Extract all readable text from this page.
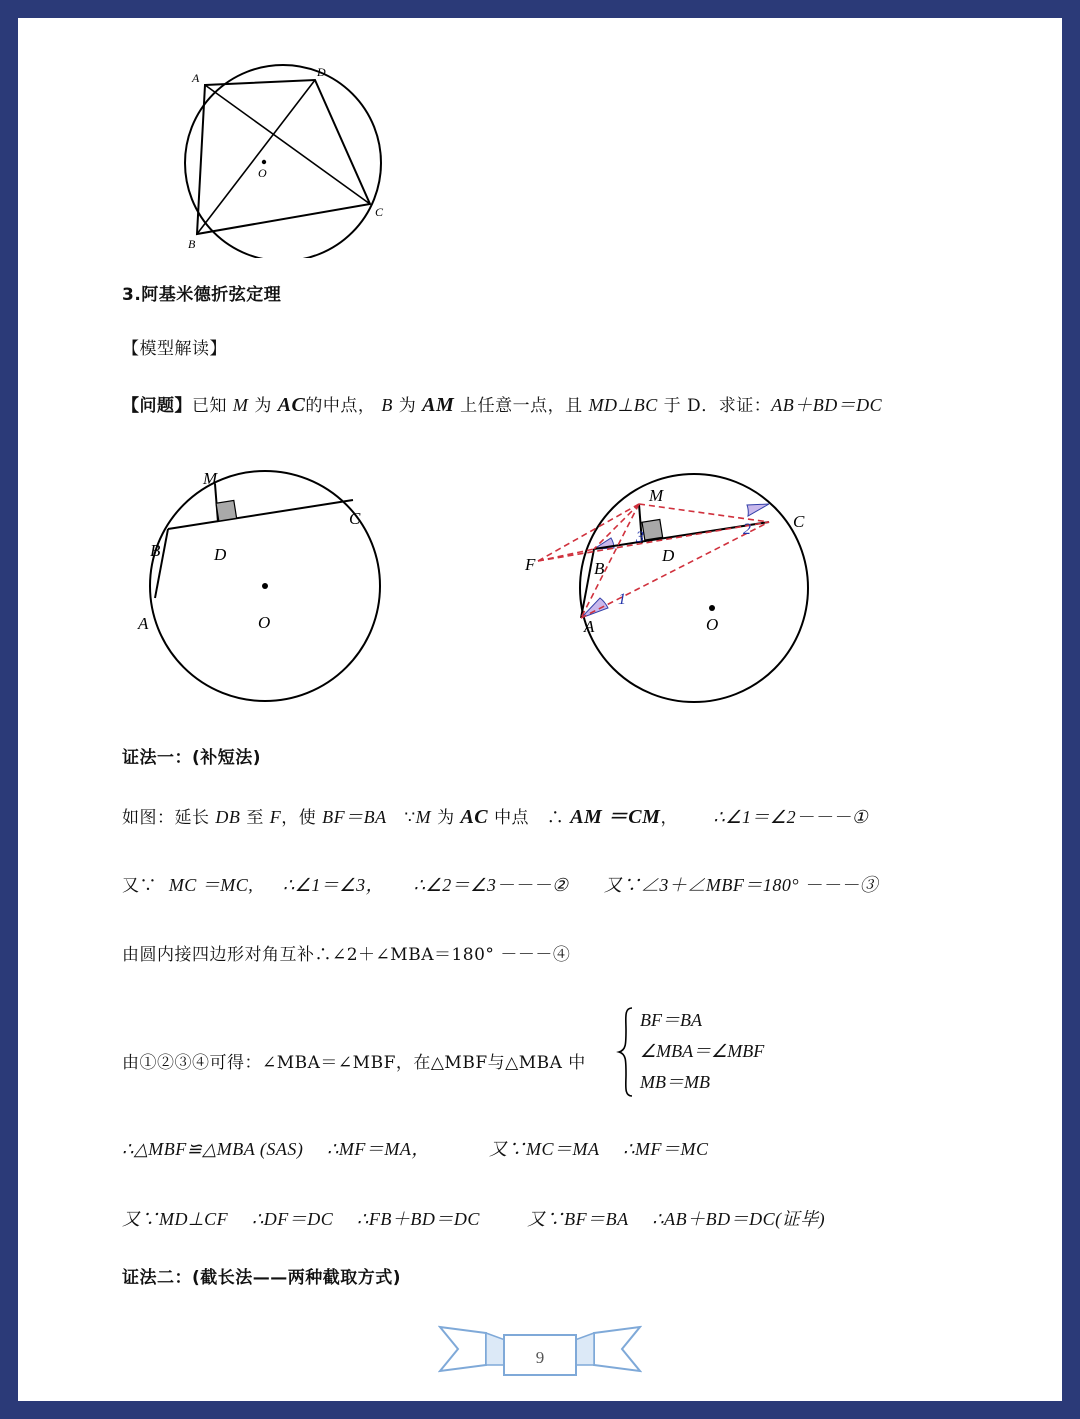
A	D
O
C
B
3.阿基米德折弦定理
【模型解读】
【问题】已知 M 为 AC的中点， B 为 AM 上任意一点，且 MD⊥BC 于 D．求证：AB＋BD＝DC
M
C
B	D
A	O
M
C
F	B
D
A	O
1
2
3
证法一：(补短法)
如图：延长 DB 至 F，使 BF＝BA ∵M 为 AC 中点 ∴ AM ＝CM， ∴∠1＝∠2－－－①
又∵ MC ＝MC, ∴∠1＝∠3， ∴∠2＝∠3－－－② 又∵∠3＋∠MBF＝180° －－－③
由圆内接四边形对角互补∴∠2＋∠MBA＝180° －－－④
由①②③④可得：∠MBA＝∠MBF，在△MBF与△MBA 中
BF＝BA
∠MBA＝∠MBF
MB＝MB
∴△MBF≌△MBA (SAS) ∴MF＝MA，	又∵MC＝MA ∴MF＝MC
又∵MD⊥CF ∴DF＝DC ∴FB＋BD＝DC	又∵BF＝BA ∴AB＋BD＝DC(证毕)
证法二：(截长法——两种截取方式)
9
